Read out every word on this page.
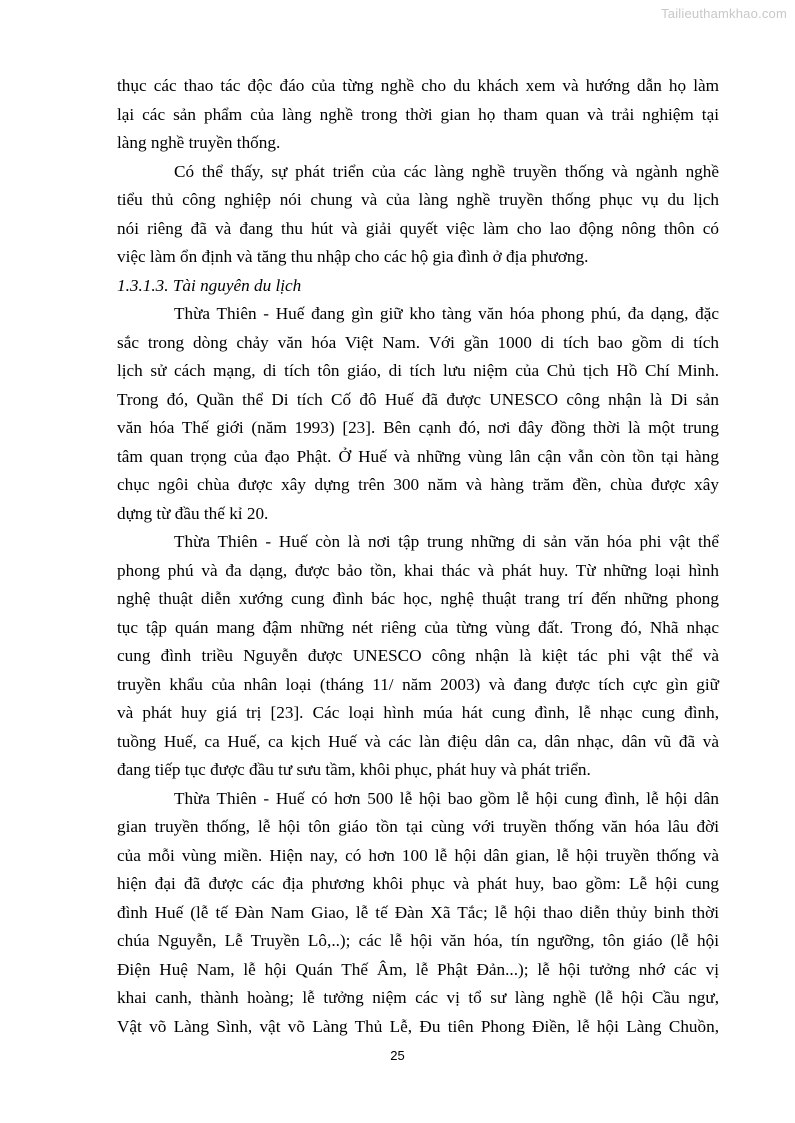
Tailieuthamkhao.com
thục các thao tác độc đáo của từng nghề cho du khách xem và hướng dẫn họ làm
lại các sản phẩm của làng nghề trong thời gian họ tham quan và trải nghiệm tại
làng nghề truyền thống.
Có thể thấy, sự phát triển của các làng nghề truyền thống và ngành nghề
tiểu thủ công nghiệp nói chung và của làng nghề truyền thống phục vụ du lịch
nói riêng đã và đang thu hút và giải quyết việc làm cho lao động nông thôn có
việc làm ổn định và tăng thu nhập cho các hộ gia đình ở địa phương.
1.3.1.3. Tài nguyên du lịch
Thừa Thiên - Huế đang gìn giữ kho tàng văn hóa phong phú, đa dạng, đặc
sắc trong dòng chảy văn hóa Việt Nam. Với gần 1000 di tích bao gồm di tích
lịch sử cách mạng, di tích tôn giáo, di tích lưu niệm của Chủ tịch Hồ Chí Minh.
Trong đó, Quần thể Di tích Cố đô Huế đã được UNESCO công nhận là Di sản
văn hóa Thế giới (năm 1993) [23]. Bên cạnh đó, nơi đây đồng thời là một trung
tâm quan trọng của đạo Phật. Ở Huế và những vùng lân cận vẫn còn tồn tại hàng
chục ngôi chùa được xây dựng trên 300 năm và hàng trăm đền, chùa được xây
dựng từ đầu thế kỉ 20.
Thừa Thiên - Huế còn là nơi tập trung những di sản văn hóa phi vật thể
phong phú và đa dạng, được bảo tồn, khai thác và phát huy. Từ những loại hình
nghệ thuật diễn xướng cung đình bác học, nghệ thuật trang trí đến những phong
tục tập quán mang đậm những nét riêng của từng vùng đất. Trong đó, Nhã nhạc
cung đình triều Nguyễn được UNESCO công nhận là kiệt tác phi vật thể và
truyền khẩu của nhân loại (tháng 11/ năm 2003) và đang được tích cực gìn giữ
và phát huy giá trị [23]. Các loại hình múa hát cung đình, lễ nhạc cung đình,
tuồng Huế, ca Huế, ca kịch Huế và các làn điệu dân ca, dân nhạc, dân vũ đã và
đang tiếp tục được đầu tư sưu tầm, khôi phục, phát huy và phát triển.
Thừa Thiên - Huế có hơn 500 lễ hội bao gồm lễ hội cung đình, lễ hội dân
gian truyền thống, lễ hội tôn giáo tồn tại cùng với truyền thống văn hóa lâu đời
của mỗi vùng miền. Hiện nay, có hơn 100 lễ hội dân gian, lễ hội truyền thống và
hiện đại đã được các địa phương khôi phục và phát huy, bao gồm: Lễ hội cung
đình Huế (lễ tế Đàn Nam Giao, lễ tế Đàn Xã Tắc; lễ hội thao diễn thủy binh thời
chúa Nguyễn, Lễ Truyền Lô,..); các lễ hội văn hóa, tín ngưỡng, tôn giáo (lễ hội
Điện Huệ Nam, lễ hội Quán Thế Âm, lễ Phật Đản...); lễ hội tưởng nhớ các vị
khai canh, thành hoàng; lễ tưởng niệm các vị tổ sư làng nghề (lễ hội Cầu ngư,
Vật võ Làng Sình, vật võ Làng Thủ Lễ, Đu tiên Phong Điền, lễ hội Làng Chuồn,
25
